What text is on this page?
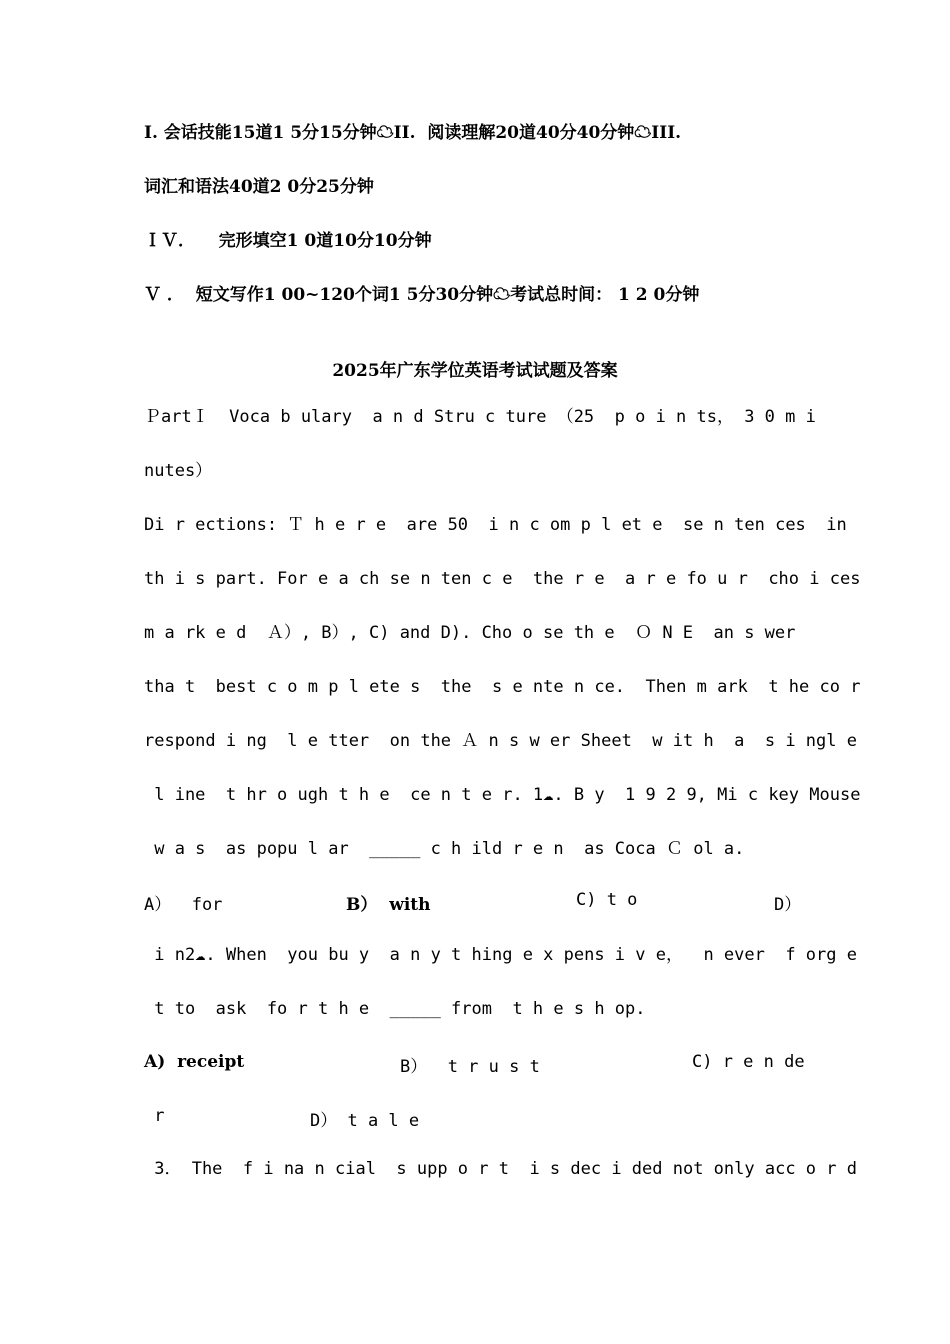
I. 会话技能15道1 5分15分钟☁II.  阅读理解20道40分40分钟☁III.
词汇和语法40道2 0分25分钟
ＩＶ．    完形填空1 0道10分10分钟
Ｖ ．  短文写作1 00~120个词1 5分30分钟☁考试总时间： 1 2 0分钟
2025年广东学位英语考试试题及答案
ＰartⅠ  Voca b ulary  a n d Stru c ture （25  p o i n ts， 3 0 m i
nutes）
Di r ections: Ｔ h e r e  are 50  i n c om p l et e  se n ten ces  in
th i s part. For e a ch se n ten c e  the r e  a r e fo u r  cho i ces
m a rk e d  Ａ）, B）, C) and D). Cho o se th e  Ｏ N E  an s wer
tha t  best c o m p l ete s  the  s e nte n ce.  Then m ark  t he co r
respond i ng  l e tter  on the Ａ n s w er Sheet  w it h  a  s i ngl e
l ine  t hr o ugh t h e  ce n t e r. 1☁. B y  1 9 2 9, Mi c key Mouse
w a s  as popu l ar  _____ c h ild r e n  as Coca Ｃ ol a.
A）  for	B）  with	C) t o	D）
i n2☁. When  you bu y  a n y t hing e x pens i v e，  n ever  f org e
t to  ask  fo r t h e  _____ from  t h e s h op.
A)  receipt	B）  t r u s t	C) r e n de
r	D） t a l e
3． The  f i na n cial  s upp o r t  i s dec i ded not only acc o r d
